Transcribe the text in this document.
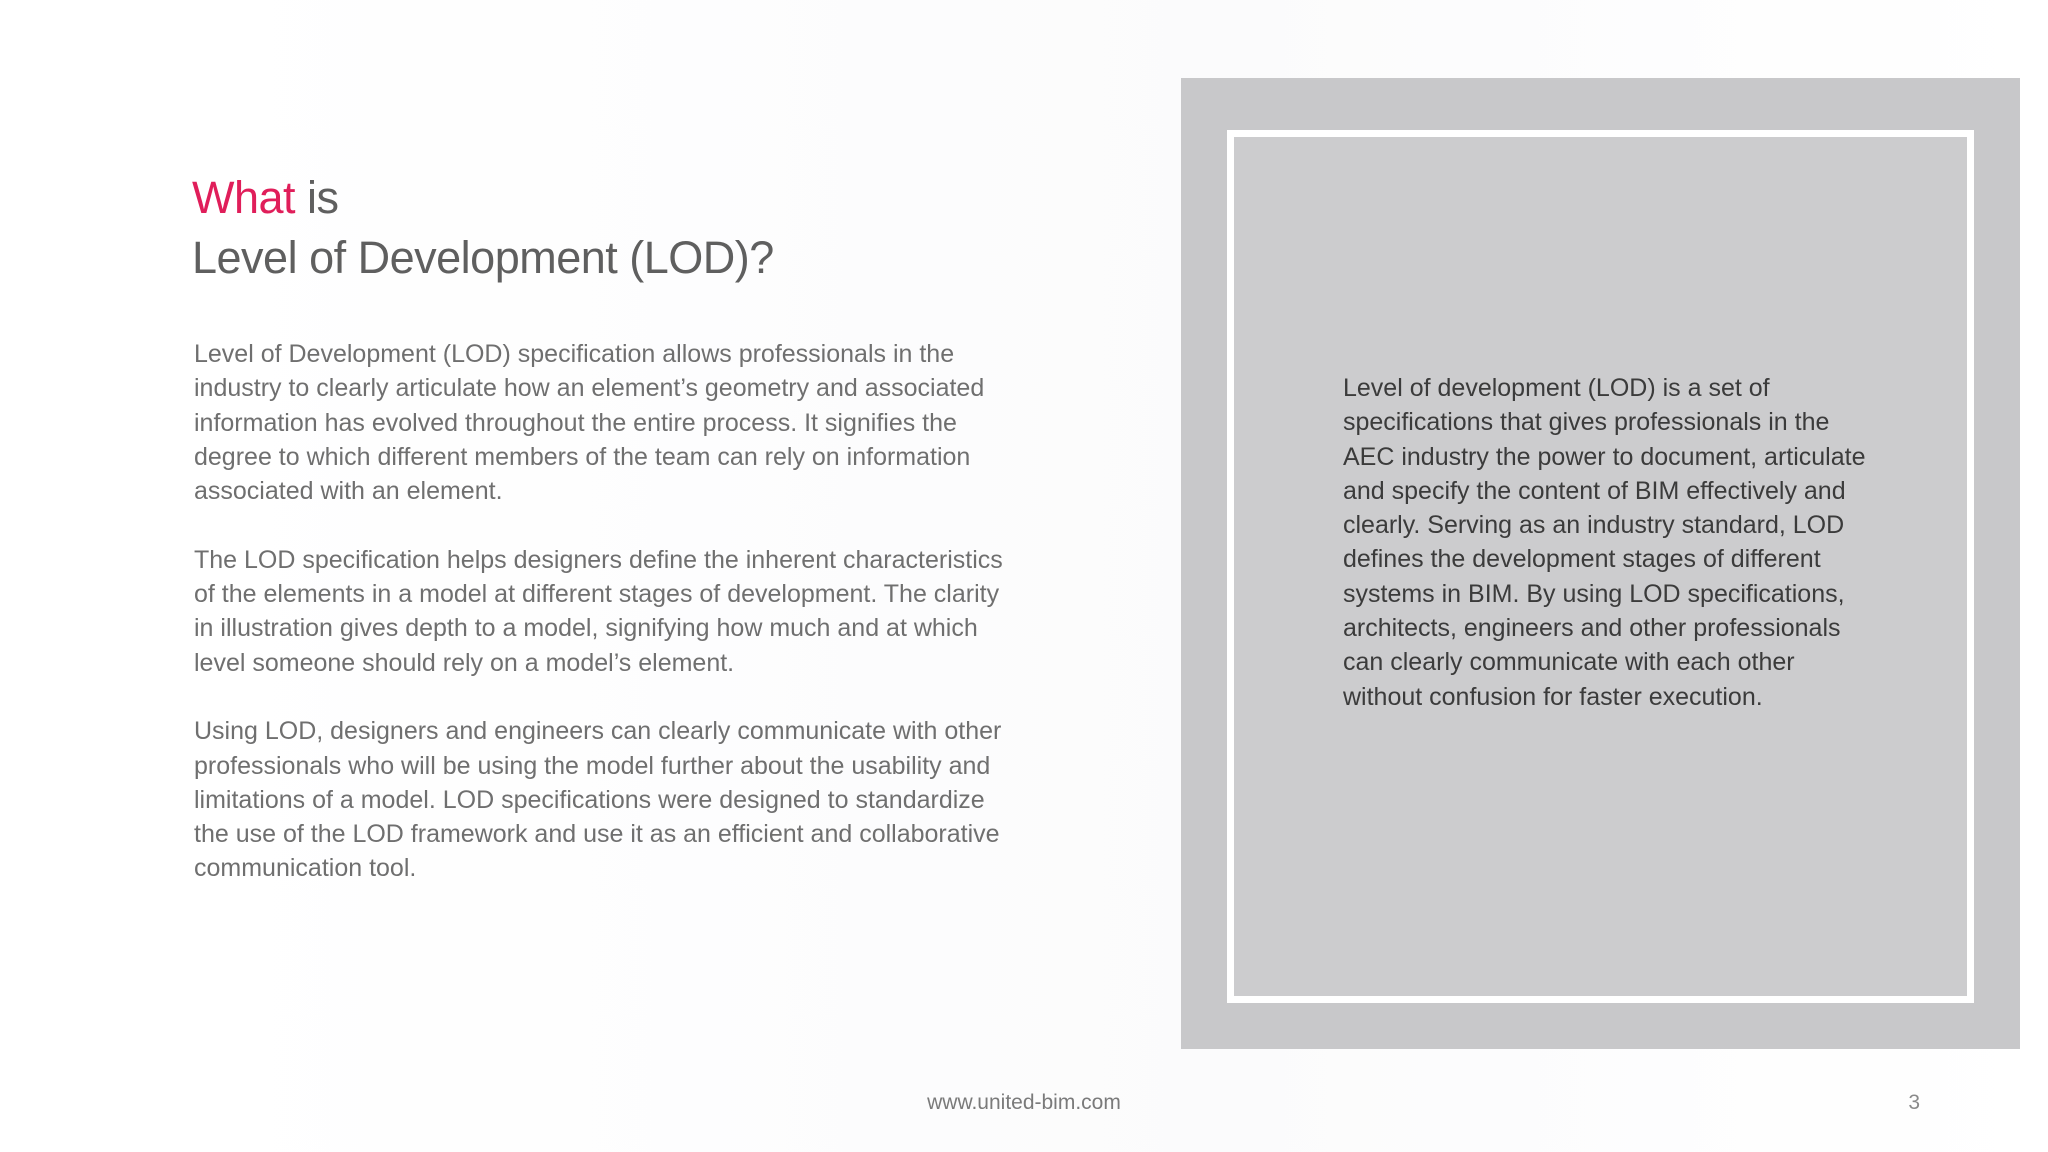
What is
Level of Development (LOD)?

Level of Development (LOD) specification allows professionals in the industry to clearly articulate how an element’s geometry and associated information has evolved throughout the entire process. It signifies the degree to which different members of the team can rely on information associated with an element.

The LOD specification helps designers define the inherent characteristics of the elements in a model at different stages of development. The clarity in illustration gives depth to a model, signifying how much and at which level someone should rely on a model’s element.

Using LOD, designers and engineers can clearly communicate with other professionals who will be using the model further about the usability and limitations of a model. LOD specifications were designed to standardize the use of the LOD framework and use it as an efficient and collaborative communication tool.

Level of development (LOD) is a set of specifications that gives professionals in the AEC industry the power to document, articulate and specify the content of BIM effectively and clearly. Serving as an industry standard, LOD defines the development stages of different systems in BIM. By using LOD specifications, architects, engineers and other professionals can clearly communicate with each other without confusion for faster execution.
www.united-bim.com	3
